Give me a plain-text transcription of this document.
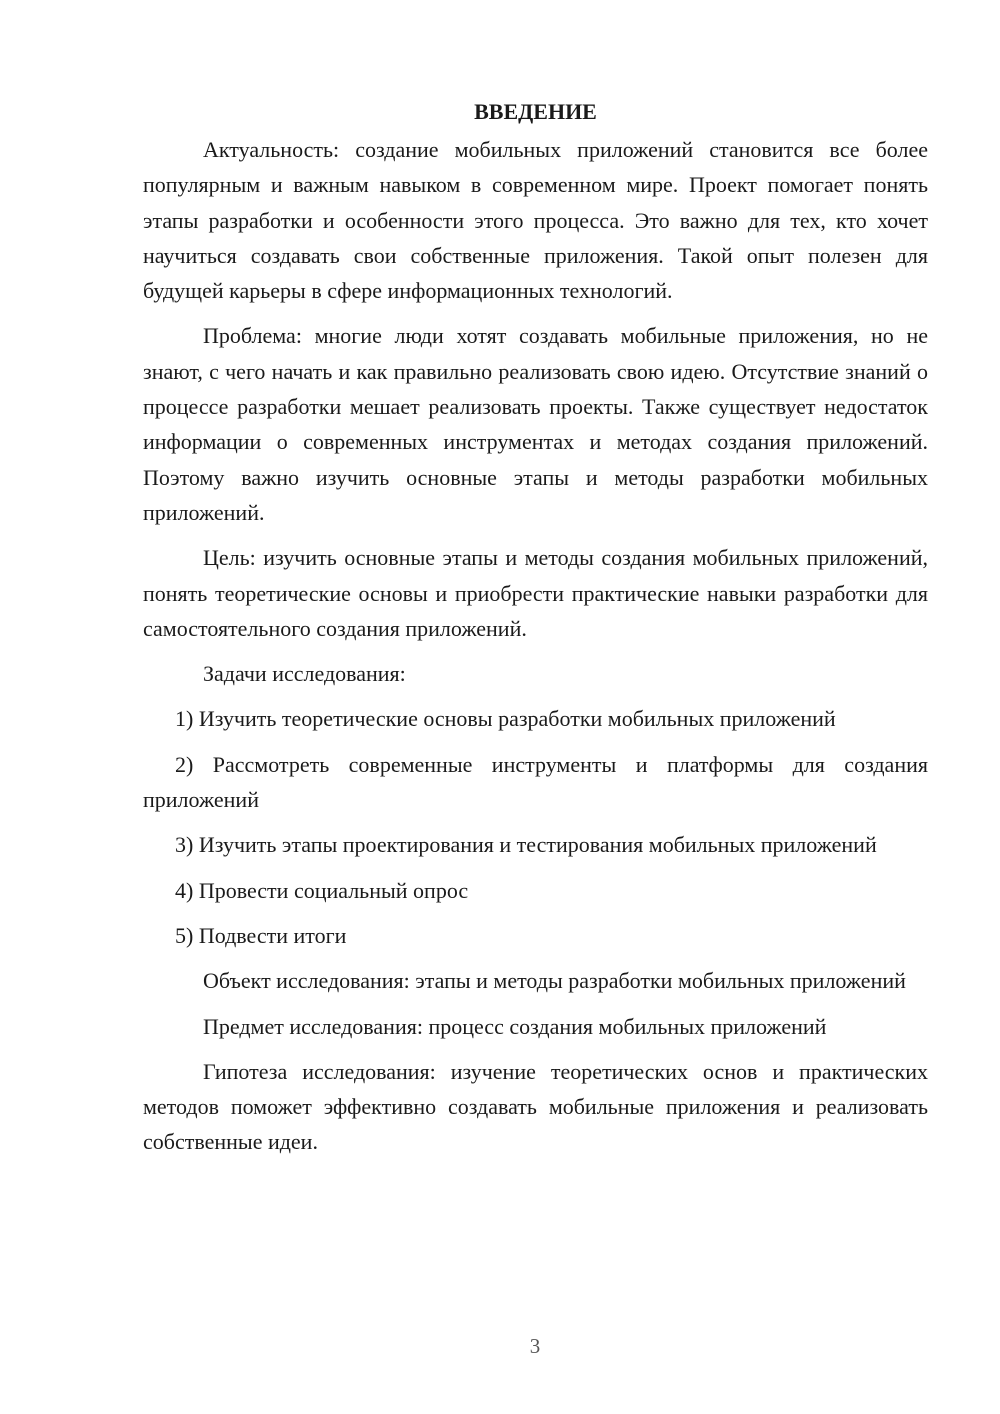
ВВЕДЕНИЕ

Актуальность: создание мобильных приложений становится все более популярным и важным навыком в современном мире. Проект помогает понять этапы разработки и особенности этого процесса. Это важно для тех, кто хочет научиться создавать свои собственные приложения. Такой опыт полезен для будущей карьеры в сфере информационных технологий.

Проблема: многие люди хотят создавать мобильные приложения, но не знают, с чего начать и как правильно реализовать свою идею. Отсутствие знаний о процессе разработки мешает реализовать проекты. Также существует недостаток информации о современных инструментах и методах создания приложений. Поэтому важно изучить основные этапы и методы разработки мобильных приложений.

Цель: изучить основные этапы и методы создания мобильных приложений, понять теоретические основы и приобрести практические навыки разработки для самостоятельного создания приложений.

Задачи исследования:

1) Изучить теоретические основы разработки мобильных приложений

2) Рассмотреть современные инструменты и платформы для создания приложений

3) Изучить этапы проектирования и тестирования мобильных приложений

4) Провести социальный опрос

5) Подвести итоги

Объект исследования: этапы и методы разработки мобильных приложений

Предмет исследования: процесс создания мобильных приложений

Гипотеза исследования: изучение теоретических основ и практических методов поможет эффективно создавать мобильные приложения и реализовать собственные идеи.

3
